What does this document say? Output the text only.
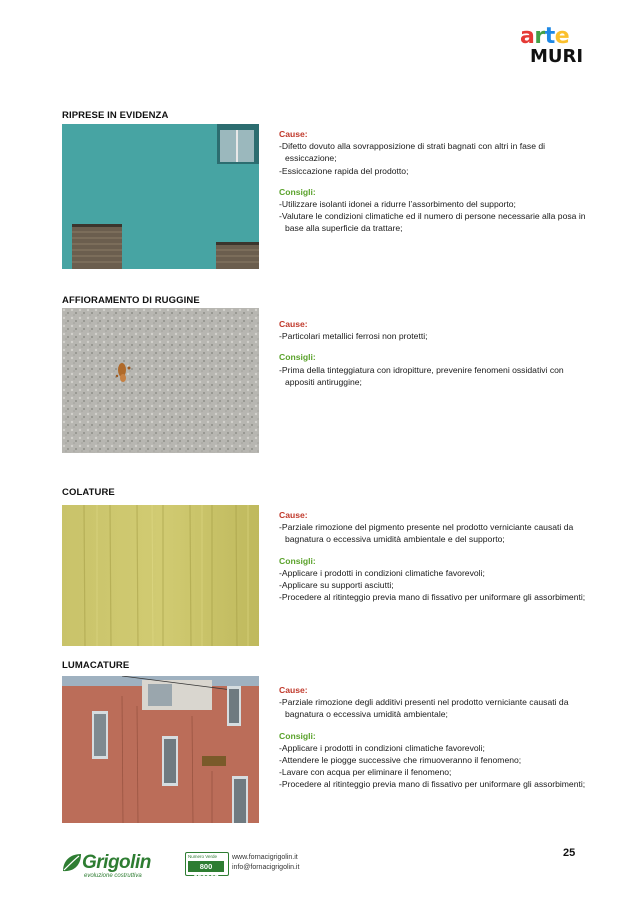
arte
MURI
RIPRESE IN EVIDENZA
Cause:
-Difetto dovuto alla sovrapposizione di strati bagnati con altri in fase di essiccazione;
-Essiccazione rapida del prodotto;
Consigli:
-Utilizzare isolanti idonei a ridurre l’assorbimento del supporto;
-Valutare le condizioni climatiche ed il numero di persone necessarie alla posa in base alla superficie da trattare;
AFFIORAMENTO DI RUGGINE
Cause:
-Particolari metallici ferrosi non protetti;
Consigli:
-Prima della tinteggiatura con idropitture, prevenire fenomeni ossidativi con appositi antiruggine;
COLATURE
Cause:
-Parziale rimozione del pigmento presente nel prodotto verniciante causati da bagnatura o eccessiva umidità ambientale e del supporto;
Consigli:
-Applicare i prodotti in condizioni climatiche favorevoli;
-Applicare su supporti asciutti;
-Procedere al ritinteggio previa mano di fissativo per uniformare gli assorbimenti;
LUMACATURE
Cause:
-Parziale rimozione degli additivi presenti nel prodotto verniciante causati da bagnatura o eccessiva umidità ambientale;
Consigli:
-Applicare i prodotti in condizioni climatiche favorevoli;
-Attendere le piogge successive che rimuoveranno il fenomeno;
-Lavare con acqua per eliminare il fenomeno;
-Procedere al ritinteggio previa mano di fissativo per uniformare gli assorbimenti;
25
Grigolin
evoluzione costruttiva
Numero Verde
800 350907
www.fornacigrigolin.it
info@fornacigrigolin.it
